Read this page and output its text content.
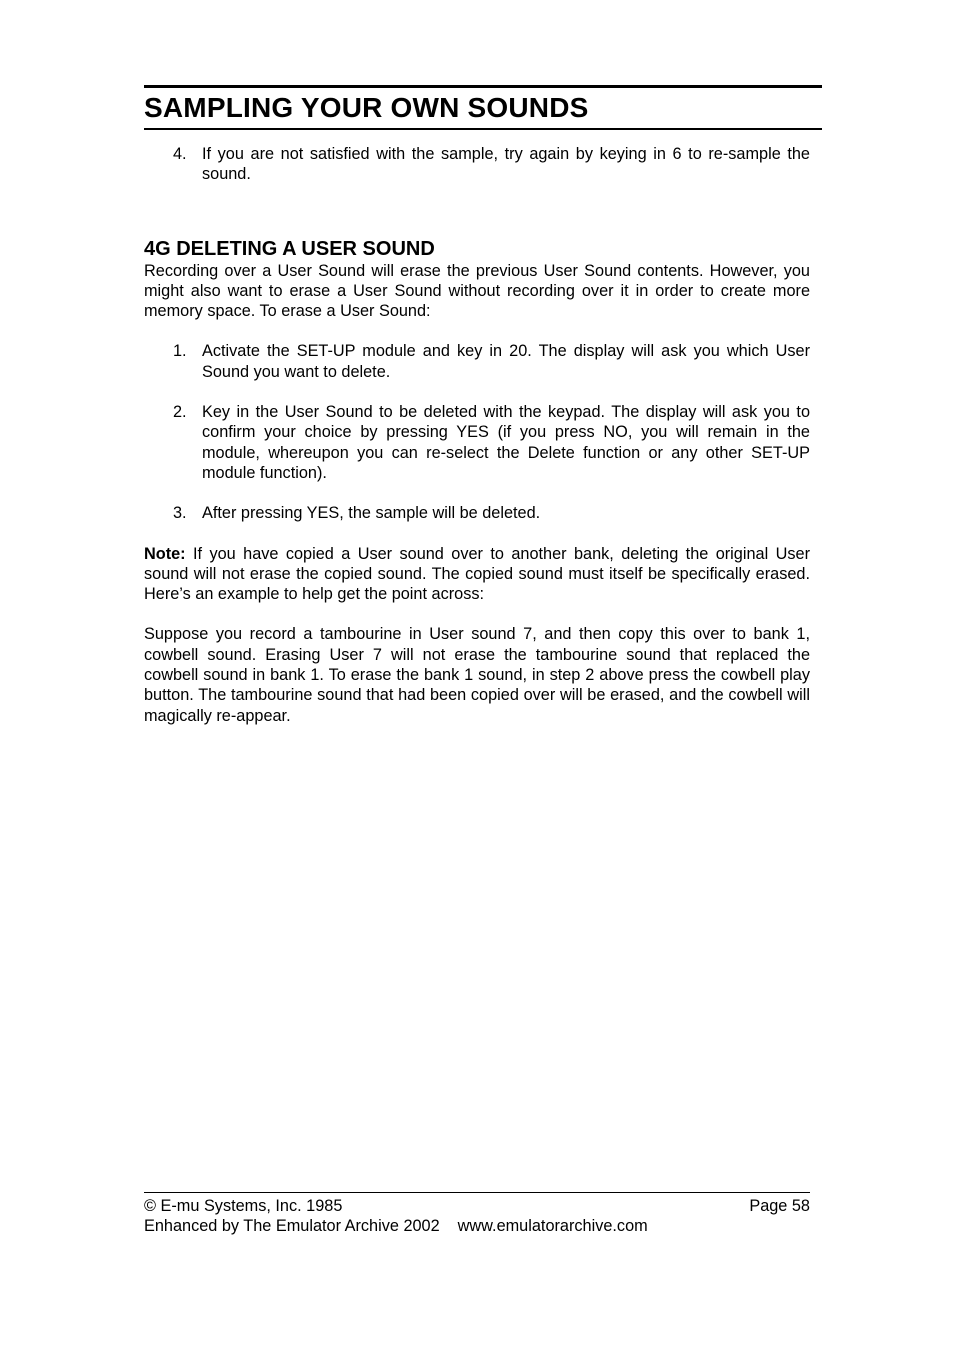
SAMPLING YOUR OWN SOUNDS
4. If you are not satisfied with the sample, try again by keying in 6 to re-sample the sound.
4G DELETING A USER SOUND

Recording over a User Sound will erase the previous User Sound contents. However, you might also want to erase a User Sound without recording over it in order to create more memory space. To erase a User Sound:

1. Activate the SET-UP module and key in 20. The display will ask you which User Sound you want to delete.
2. Key in the User Sound to be deleted with the keypad. The display will ask you to confirm your choice by pressing YES (if you press NO, you will remain in the module, whereupon you can re-select the Delete function or any other SET-UP module function).
3. After pressing YES, the sample will be deleted.

Note: If you have copied a User sound over to another bank, deleting the original User sound will not erase the copied sound. The copied sound must itself be specifically erased. Here’s an example to help get the point across:

Suppose you record a tambourine in User sound 7, and then copy this over to bank 1, cowbell sound. Erasing User 7 will not erase the tambourine sound that replaced the cowbell sound in bank 1. To erase the bank 1 sound, in step 2 above press the cowbell play button. The tambourine sound that had been copied over will be erased, and the cowbell will magically re-appear.

© E-mu Systems, Inc. 1985	Page 58
Enhanced by The Emulator Archive 2002 www.emulatorarchive.com
